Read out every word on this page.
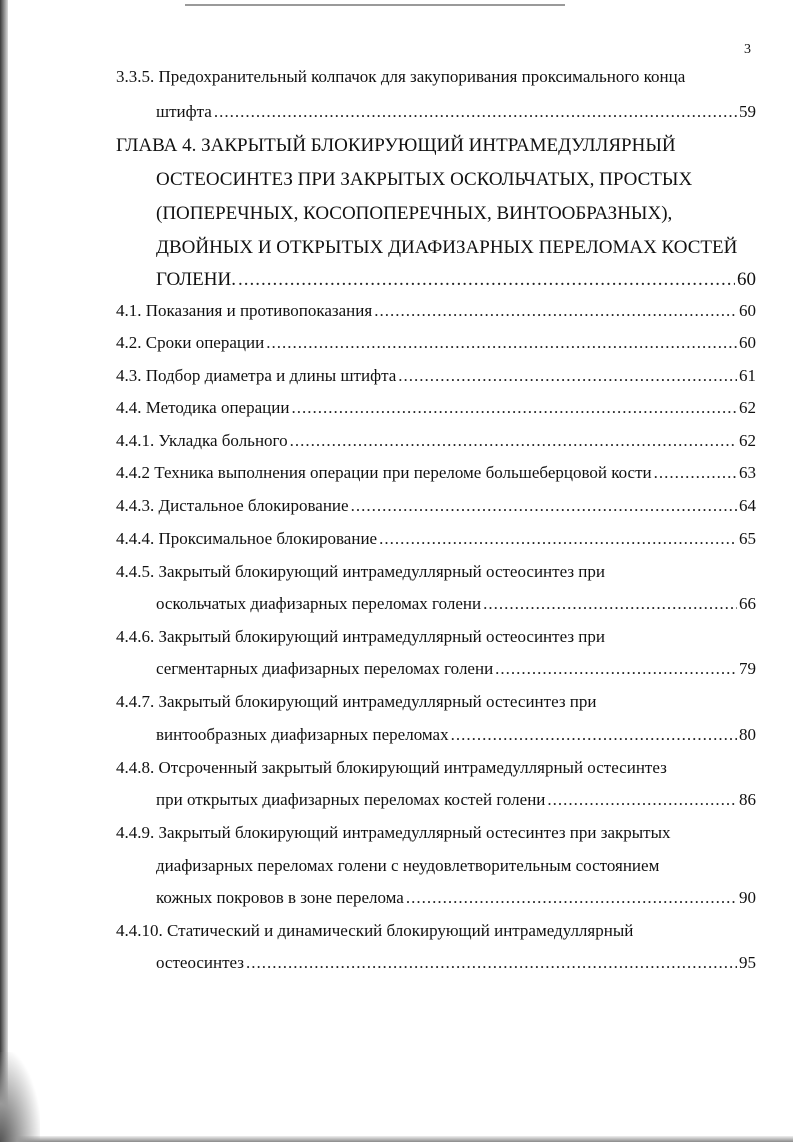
3
3.3.5. Предохранительный колпачок для закупоривания проксимального конца
штифта .....	59
ГЛАВА 4. ЗАКРЫТЫЙ БЛОКИРУЮЩИЙ ИНТРАМЕДУЛЛЯРНЫЙ
ОСТЕОСИНТЕЗ ПРИ ЗАКРЫТЫХ ОСКОЛЬЧАТЫХ, ПРОСТЫХ
(ПОПЕРЕЧНЫХ, КОСОПОПЕРЕЧНЫХ, ВИНТООБРАЗНЫХ),
ДВОЙНЫХ И ОТКРЫТЫХ ДИАФИЗАРНЫХ ПЕРЕЛОМАХ КОСТЕЙ
ГОЛЕНИ. .....	60
4.1. Показания и противопоказания .....	60
4.2. Сроки операции .....	60
4.3. Подбор диаметра и длины штифта .....	61
4.4. Методика операции .....	62
4.4.1. Укладка больного .....	62
4.4.2 Техника выполнения операции при переломе большеберцовой кости .....	63
4.4.3. Дистальное блокирование .....	64
4.4.4. Проксимальное блокирование .....	65
4.4.5. Закрытый блокирующий интрамедуллярный остеосинтез при
оскольчатых диафизарных переломах голени .....	66
4.4.6. Закрытый блокирующий интрамедуллярный остеосинтез при
сегментарных диафизарных переломах голени .....	79
4.4.7. Закрытый блокирующий интрамедуллярный остесинтез при
винтообразных диафизарных переломах .....	80
4.4.8. Отсроченный закрытый блокирующий интрамедуллярный остесинтез
при открытых диафизарных переломах костей голени .....	86
4.4.9. Закрытый блокирующий интрамедуллярный остесинтез при закрытых
диафизарных переломах голени с неудовлетворительным состоянием
кожных покровов в зоне перелома .....	90
4.4.10. Статический и динамический блокирующий интрамедуллярный
остеосинтез .....	95
